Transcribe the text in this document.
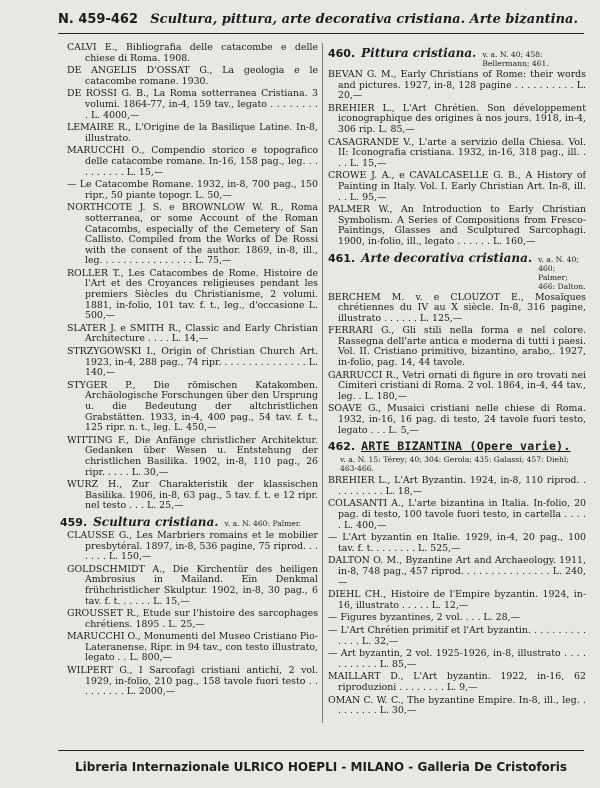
N. 459-462 Scultura, pittura, arte decorativa cristiana. Arte bizantina.
CALVI E., Bibliografia delle catacombe e delle chiese di Roma. 1908.
DE ANGELIS D'OSSAT G., La geologia e le catacombe romane. 1930.
DE ROSSI G. B., La Roma sotterranea Cristiana. 3 volumi. 1864-77, in-4, 159 tav., legato . . . . . . . . . L. 4000,—
LEMAIRE R., L'Origine de la Basilique Latine. In-8, illustrato.
MARUCCHI O., Compendio storico e topografico delle catacombe romane. In-16, 158 pag., leg. . . . . . . . . . L. 15,—
— Le Catacombe Romane. 1932, in-8, 700 pag., 150 ripr., 50 piante topogr. L. 50,—
NORTHCOTE J. S. e BROWNLOW W. R., Roma sotterranea, or some Account of the Roman Catacombs, especially of the Cemetery of San Callisto. Compiled from the Works of De Rossi with the consent of the author. 1869, in-8, ill., leg. . . . . . . . . . . . . . . . L. 75,—
ROLLER T., Les Catacombes de Rome. Histoire de l'Art et des Croyances religieuses pendant les premiers Siècles du Christianisme, 2 volumi. 1881, in-folio, 101 tav. f. t., leg., d'occasione L. 500,—
SLATER J. e SMITH R., Classic and Early Christian Architecture . . . . L. 14,—
STRZYGOWSKI I., Origin of Christian Church Art. 1923, in-4, 288 pag., 74 ripr. . . . . . . . . . . . . . . L. 140,—
STYGER P., Die römischen Katakomben. Archäologische Forschungen über den Ursprung u. die Bedeutung der altchristlichen Grabstätten. 1933, in-4, 400 pag., 54 tav. f. t., 125 ripr. n. t., leg. L. 450,—
WITTING F., Die Anfänge christlicher Architektur. Gedanken über Wesen u. Entstehung der christlichen Basilika. 1902, in-8, 110 pag., 26 ripr. . . . . L. 30,—
WURZ H., Zur Charakteristik der klassischen Basilika. 1906, in-8, 63 pag., 5 tav. f. t. e 12 ripr. nel testo . . . L. 25,—
459. Scultura cristiana. v. a. N. 460: Palmer.
CLAUSSE G., Les Marbriers romains et le mobilier presbytéral. 1897, in-8, 536 pagine, 75 riprod. . . . . . . L. 150,—
GOLDSCHMIDT A., Die Kirchentür des heiligen Ambrosius in Mailand. Ein Denkmal frühchristlicher Skulptur. 1902, in-8, 30 pag., 6 tav. f. t. . . . . . L. 15,—
GROUSSET R., Etude sur l'histoire des sarcophages chrétiens. 1895 . L. 25,—
MARUCCHI O., Monumenti del Museo Cristiano Pio-Lateranense. Ripr. in 94 tav., con testo illustrato, legato . . L. 800,—
WILPERT G., I Sarcofagi cristiani antichi, 2 vol. 1929, in-folio, 210 pag., 158 tavole fuori testo . . . . . . . . . L. 2000,—
460. Pittura cristiana. v. a. N. 40; 458: Bellermann; 461.
BEVAN G. M., Early Christians of Rome: their words and pictures. 1927, in-8, 128 pagine . . . . . . . . . . L. 20,—
BREHIER L., L'Art Chrétien. Son développement iconographique des origines à nos jours. 1918, in-4, 306 rip. L. 85,—
CASAGRANDE V., L'arte a servizio della Chiesa. Vol. II: Iconografia cristiana. 1932, in-16, 318 pag., ill. . . . L. 15,—
CROWE J. A., e CAVALCASELLE G. B., A History of Painting in Italy. Vol. I. Early Christian Art. In-8, ill. . . L. 95,—
PALMER W., An Introduction to Early Christian Symbolism. A Series of Compositions from Fresco-Paintings, Glasses and Sculptured Sarcophagi. 1900, in-folio, ill., legato . . . . . . L. 160,—
461. Arte decorativa cristiana. v. a. N. 40; 460: Palmer; 466: Dalton.
BERCHEM M. v. e CLOUZOT E., Mosaïques chrétiennes du IV au X siècle. In-8, 316 pagine, illustrato . . . . . . L. 125,—
FERRARI G., Gli stili nella forma e nel colore. Rassegna dell'arte antica e moderna di tutti i paesi. Vol. II. Cristiano primitivo, bizantino, arabo,. 1927, in-folio, pag. 14, 44 tavole.
GARRUCCI R., Vetri ornati di figure in oro trovati nei Cimiteri cristiani di Roma. 2 vol. 1864, in-4, 44 tav., leg. . L. 180,—
SOAVE G., Musaici cristiani nelle chiese di Roma. 1932, in-16, 16 pag. di testo, 24 tavole fuori testo, legato . . . L. 5,—
462. ARTE BIZANTINA (Opere varie).
v. a. N. 15: Térey; 40; 304: Gerola; 435: Galassi; 457: Diehl; 463-466.
BREHIER L., L'Art Byzantin. 1924, in-8, 110 riprod. . . . . . . . . . L. 18,—
COLASANTI A., L'arte bizantina in Italia. In-folio, 20 pag. di testo, 100 tavole fuori testo, in cartella . . . . . L. 400,—
— L'Art byzantin en Italie. 1929, in-4, 20 pag., 100 tav. f. t. . . . . . . . L. 525,—
DALTON O. M., Byzantine Art and Archaeology. 1911, in-8, 748 pag., 457 riprod. . . . . . . . . . . . . . . L. 240,—
DIEHL CH., Histoire de l'Empire byzantin. 1924, in-16, illustrato . . . . . L. 12,—
— Figures byzantines, 2 vol. . . . L. 28,—
— L'Art Chrétien primitif et l'Art byzantin. . . . . . . . . . . . . . L. 32,—
— Art byzantin, 2 vol. 1925-1926, in-8, illustrato . . . . . . . . . . . L. 85,—
MAILLART D., L'Art byzantin. 1922, in-16, 62 riproduzioni . . . . . . . . L. 9,—
OMAN C. W. C., The byzantine Empire. In-8, ill., leg. . . . . . . . . L. 30,—
Libreria Internazionale ULRICO HOEPLI - MILANO - Galleria De Cristoforis
